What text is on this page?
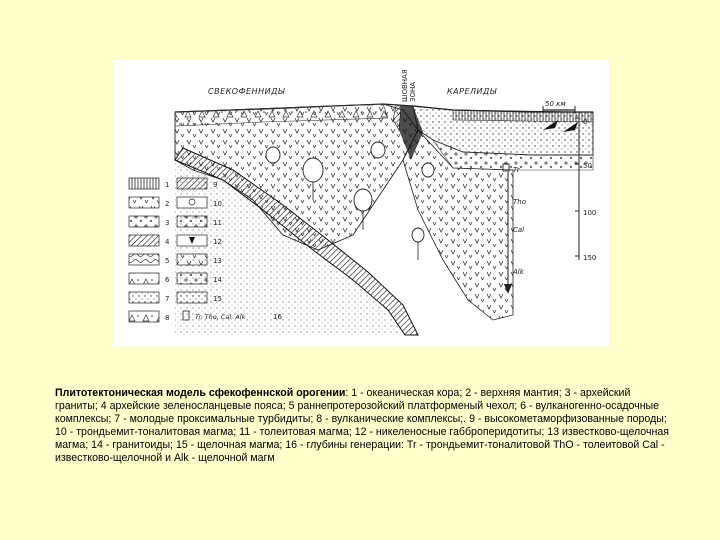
СВЕКОФЕННИДЫ	КАРЕЛИДЫ
ШОВНАЯ ЗОНА
50 км
0
50
100
150
Tr
Tho
Cal
Alk
1
2
3
4
5
6
7
8
9
10
11
12
13
14
15
Tr, Tho, Cal, Alk	16
Плитотектоническая модель сфекофеннской орогении: 1 - океаническая кора; 2 - верхняя мантия; 3 - архейский граниты; 4 архейские зеленосланцевые пояса; 5 раннепротерозойский платформеный чехол; 6 - вулканогенно-осадочные комплексы; 7 - молодые проксимальные турбидиты; 8 - вулканические комплексы;. 9 - высокометаморфизованные породы; 10 - трондьемит-тоналитовая магма; 11 - толеитовая магма; 12 - никеленосные габброперидотиты; 13 известково-щелочная магма; 14 - гранитоиды; 15 - щелочная магма; 16 - глубины генерации: Tr - трондьемит-тоналитовой ThO - толеитовой Cal - известково-щелочной и Alk - щелочной магм
